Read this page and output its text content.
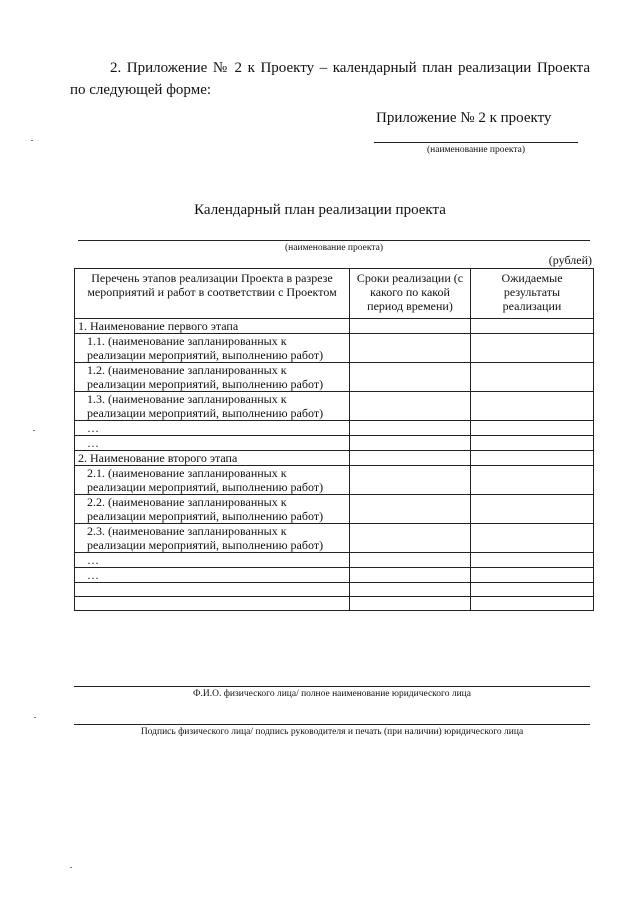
2. Приложение № 2 к Проекту – календарный план реализации Проекта
по следующей форме:
Приложение № 2 к проекту
(наименование проекта)
Календарный план реализации проекта
(наименование проекта)
(рублей)
Перечень этапов реализации Проекта в разрезе мероприятий и работ в соответствии с Проектом	Сроки реализации (с какого по какой период времени)	Ожидаемые результаты реализации
1. Наименование первого этапа		
1.1. (наименование запланированных к реализации мероприятий, выполнению работ)		
1.2. (наименование запланированных к реализации мероприятий, выполнению работ)		
1.3. (наименование запланированных к реализации мероприятий, выполнению работ)		
…		
…		
2. Наименование второго этапа		
2.1. (наименование запланированных к реализации мероприятий, выполнению работ)		
2.2. (наименование запланированных к реализации мероприятий, выполнению работ)		
2.3. (наименование запланированных к реализации мероприятий, выполнению работ)		
…		
…		

Ф.И.О. физического лица/ полное наименование юридического лица
Подпись физического лица/ подпись руководителя и печать (при наличии) юридического лица
